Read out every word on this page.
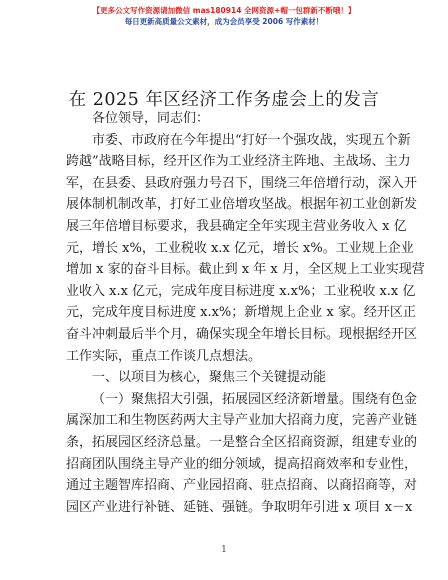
【更多公文写作资源请加微信 mas180914 全网资源+帽一包群新不断哦！】
每日更新高质量公文素材，成为会员享受 2006 写作素材！
在 2025 年区经济工作务虚会上的发言
各位领导，同志们：
市委、市政府在今年提出“打好一个强攻战，实现五个新
跨越”战略目标，经开区作为工业经济主阵地、主战场、主力
军，在县委、县政府强力号召下，围绕三年倍增行动，深入开
展体制机制改革，打好工业倍增攻坚战。根据年初工业创新发
展三年倍增目标要求，我县确定全年实现主营业务收入 x 亿
元，增长 x%，工业税收 x.x 亿元，增长 x%。工业规上企业
增加 x 家的奋斗目标。截止到 x 年 x 月，全区规上工业实现营
业收入 x.x 亿元，完成年度目标进度 x.x%；工业税收 x.x 亿
元，完成年度目标进度 x.x%；新增规上企业 x 家。经开区正
奋斗冲刺最后半个月，确保实现全年增长目标。现根据经开区
工作实际，重点工作谈几点想法。
一、以项目为核心，聚焦三个关键提动能
（一）聚焦招大引强，拓展园区经济新增量。围绕有色金
属深加工和生物医药两大主导产业加大招商力度，完善产业链
条，拓展园区经济总量。一是整合全区招商资源，组建专业的
招商团队围绕主导产业的细分领域，提高招商效率和专业性，
通过主题智库招商、产业园招商、驻点招商、以商招商等，对
园区产业进行补链、延链、强链。争取明年引进 x 项目 x－x
1
